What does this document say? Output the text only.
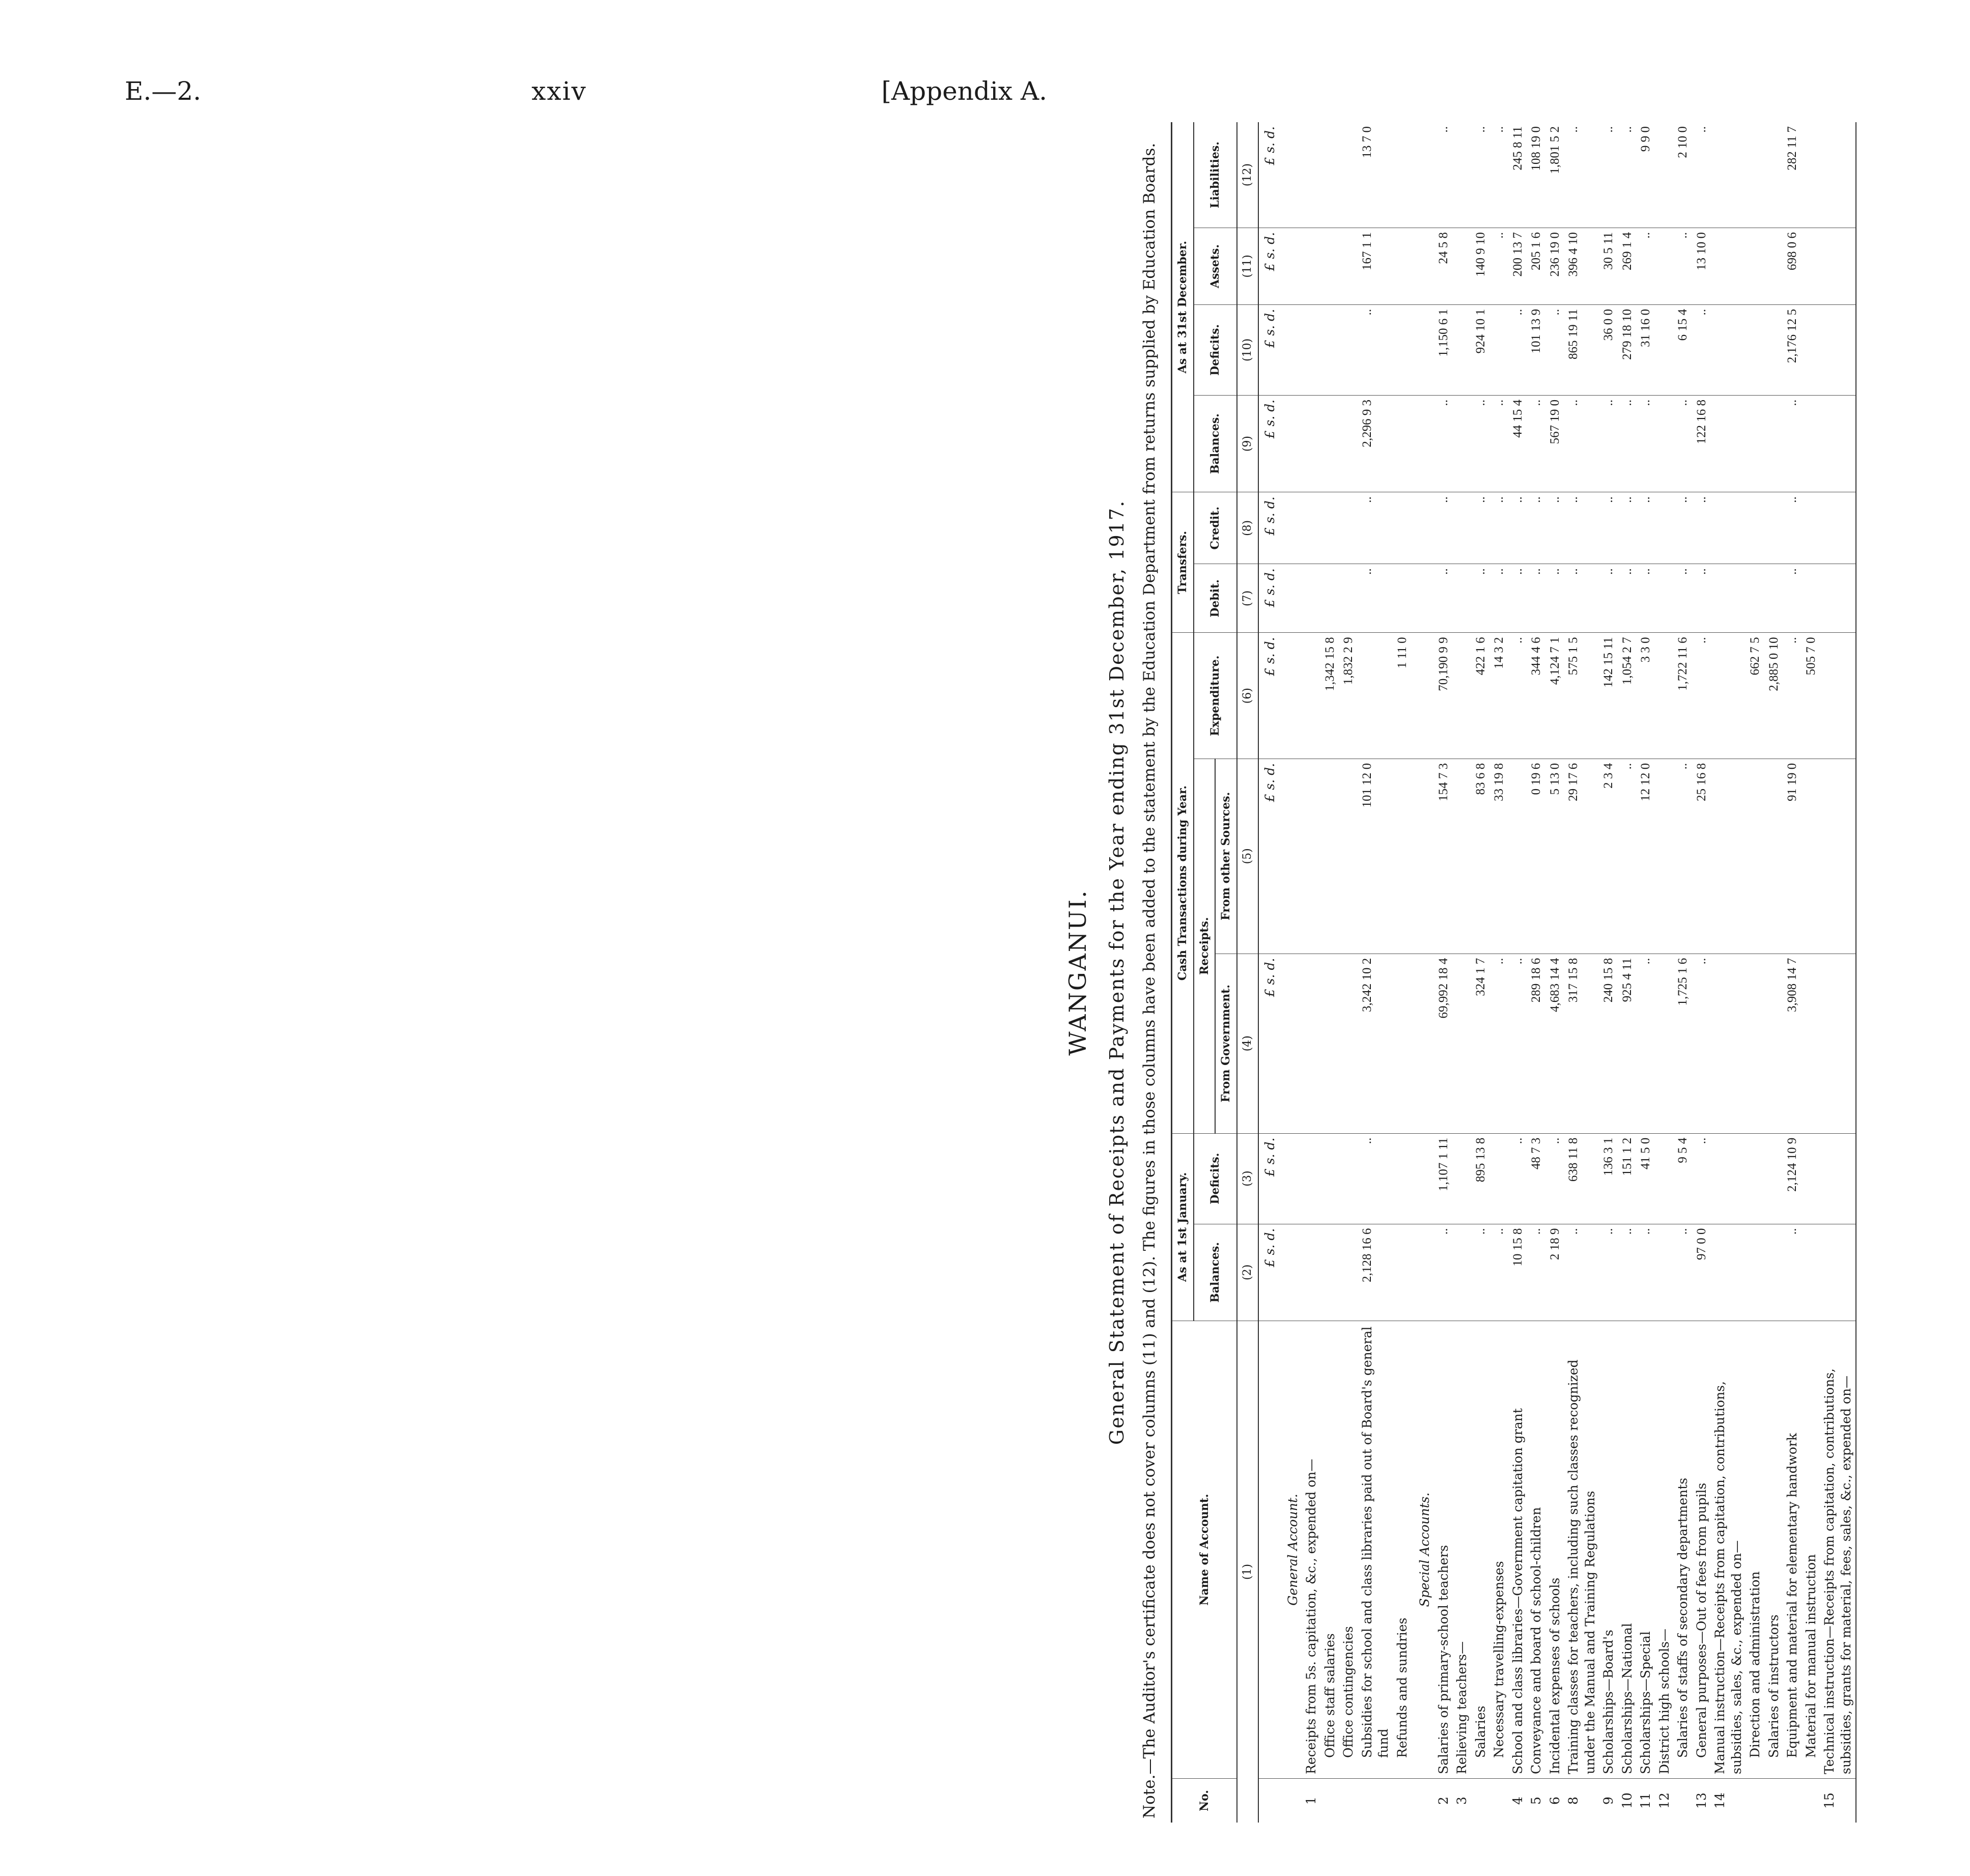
E.—2.	xxiv	[Appendix A.
WANGANUI. General Statement of Receipts and Payments for the Year ending 31st December, 1917. Note.—The Auditor's certificate does not cover columns (11) and (12). The figures in those columns have been added to the statement by the Education Department from returns supplied by Education Boards.	No.	Name of Account.	As at 1st January.		Cash Transactions during Year.			Transfers.		As at 31st December.			
		Balances.	Deficits.	Receipts.		Expenditure.	Debit.	Credit.	Balances.	Deficits.	Assets.	Liabilities.
				From Government.	From other Sources.							
(1)		(2)	(3)	(4)	(5)	(6)	(7)	(8)	(9)	(10)	(11)	(12)
		£ s. d.	£ s. d.	£ s. d.	£ s. d.	£ s. d.	£ s. d.	£ s. d.	£ s. d.	£ s. d.	£ s. d.	£ s. d.
	General Account.											
1	Receipts from 5s. capitation, &c., expended on—											
	Office staff salaries					1,342 15 8						
	Office contingencies					1,832 2 9						
	Subsidies for school and class libraries paid out of Board's general fund	2,128 16 6	..	3,242 10 2	101 12 0		..	..	2,296 9 3	..	167 1 1	13 7 0
	Refunds and sundries					1 11 0						
	Special Accounts.											
2	Salaries of primary-school teachers	..	1,107 1 11	69,992 18 4	154 7 3	70,190 9 9	..	..	..	1,150 6 1	24 5 8	..
3	Relieving teachers—											
	Salaries	..	895 13 8	324 1 7	83 6 8	422 1 6	..	..	..	924 10 1	140 9 10	..
	Necessary travelling-expenses	..		..	33 19 8	14 3 2	..	..	..		..	..
4	School and class libraries—Government capitation grant	10 15 8	..	..		..	..	..	44 15 4	..	200 13 7	245 8 11
5	Conveyance and board of school-children	..	48 7 3	289 18 6	0 19 6	344 4 6	..	..	..	101 13 9	205 1 6	108 19 0
6	Incidental expenses of schools	2 18 9	..	4,683 14 4	5 13 0	4,124 7 1	..	..	567 19 0	..	236 19 0	1,801 5 2
8	Training classes for teachers, including such classes recognized under the Manual and Training Regulations	..	638 11 8	317 15 8	29 17 6	575 1 5	..	..	..	865 19 11	396 4 10	..
9	Scholarships—Board's	..	136 3 1	240 15 8	2 3 4	142 15 11	..	..	..	36 0 0	30 5 11	..
10	Scholarships—National	..	151 1 2	925 4 11	..	1,054 2 7	..	..	..	279 18 10	269 1 4	..
11	Scholarships—Special	..	41 5 0	..	12 12 0	3 3 0	..	..	..	31 16 0	..	9 9 0
12	District high schools—											
	Salaries of staffs of secondary departments	..	9 5 4	1,725 1 6	..	1,722 11 6	..	..	..	6 15 4	..	2 10 0
13	General purposes—Out of fees from pupils	97 0 0	..	..	25 16 8	..	..	..	122 16 8	..	13 10 0	..
14	Manual instruction—Receipts from capitation, contributions, subsidies, sales, &c., expended on—											
	Direction and administration					662 7 5						
	Salaries of instructors					2,885 0 10						
	Equipment and material for elementary handwork	..	2,124 10 9	3,908 14 7	91 19 0	..	..	..	..	2,176 12 5	698 0 6	282 11 7
	Material for manual instruction					505 7 0						
15	Technical instruction—Receipts from capitation, contributions, subsidies, grants for material, fees, sales, &c., expended on—											
